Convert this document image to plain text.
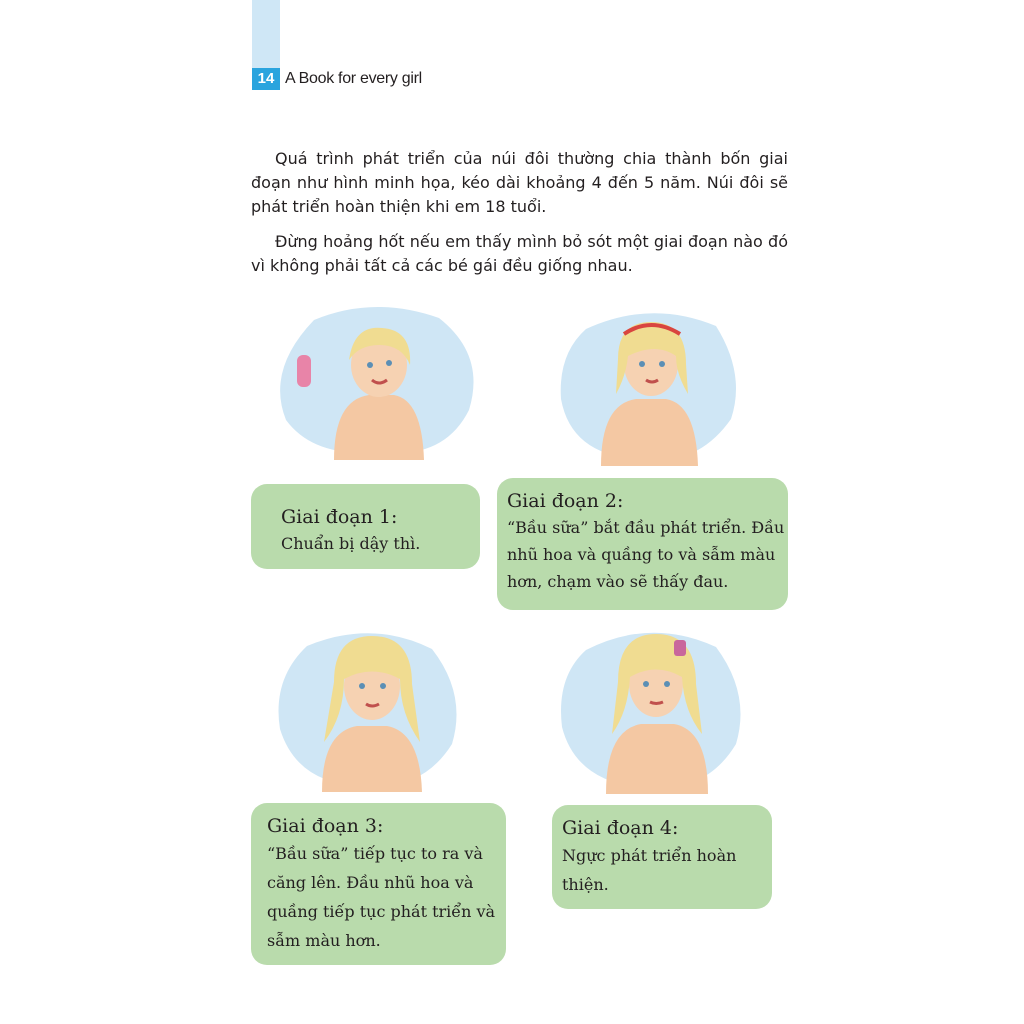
14 A Book for every girl
Quá trình phát triển của núi đôi thường chia thành bốn giai đoạn như hình minh họa, kéo dài khoảng 4 đến 5 năm. Núi đôi sẽ phát triển hoàn thiện khi em 18 tuổi.
Đừng hoảng hốt nếu em thấy mình bỏ sót một giai đoạn nào đó vì không phải tất cả các bé gái đều giống nhau.
Giai đoạn 1:
Chuẩn bị dậy thì.
Giai đoạn 2:
“Bầu sữa” bắt đầu phát triển. Đầu nhũ hoa và quầng to và sẫm màu hơn, chạm vào sẽ thấy đau.
Giai đoạn 3:
“Bầu sữa” tiếp tục to ra và căng lên. Đầu nhũ hoa và quầng tiếp tục phát triển và sẫm màu hơn.
Giai đoạn 4:
Ngực phát triển hoàn thiện.
